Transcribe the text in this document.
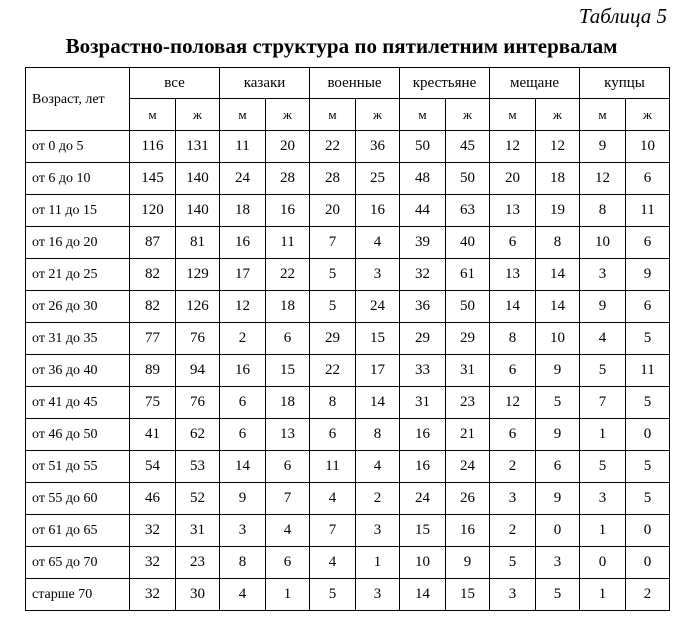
Таблица 5
Возрастно-половая структура по пятилетним интервалам
Возраст, лет	все		казаки		военные		крестьяне		мещане		купцы	
	м	ж	м	ж	м	ж	м	ж	м	ж	м	ж
от 0 до 5	116	131	11	20	22	36	50	45	12	12	9	10
от 6 до 10	145	140	24	28	28	25	48	50	20	18	12	6
от 11 до 15	120	140	18	16	20	16	44	63	13	19	8	11
от 16 до 20	87	81	16	11	7	4	39	40	6	8	10	6
от 21 до 25	82	129	17	22	5	3	32	61	13	14	3	9
от 26 до 30	82	126	12	18	5	24	36	50	14	14	9	6
от 31 до 35	77	76	2	6	29	15	29	29	8	10	4	5
от 36 до 40	89	94	16	15	22	17	33	31	6	9	5	11
от 41 до 45	75	76	6	18	8	14	31	23	12	5	7	5
от 46 до 50	41	62	6	13	6	8	16	21	6	9	1	0
от 51 до 55	54	53	14	6	11	4	16	24	2	6	5	5
от 55 до 60	46	52	9	7	4	2	24	26	3	9	3	5
от 61 до 65	32	31	3	4	7	3	15	16	2	0	1	0
от 65 до 70	32	23	8	6	4	1	10	9	5	3	0	0
старше 70	32	30	4	1	5	3	14	15	3	5	1	2
